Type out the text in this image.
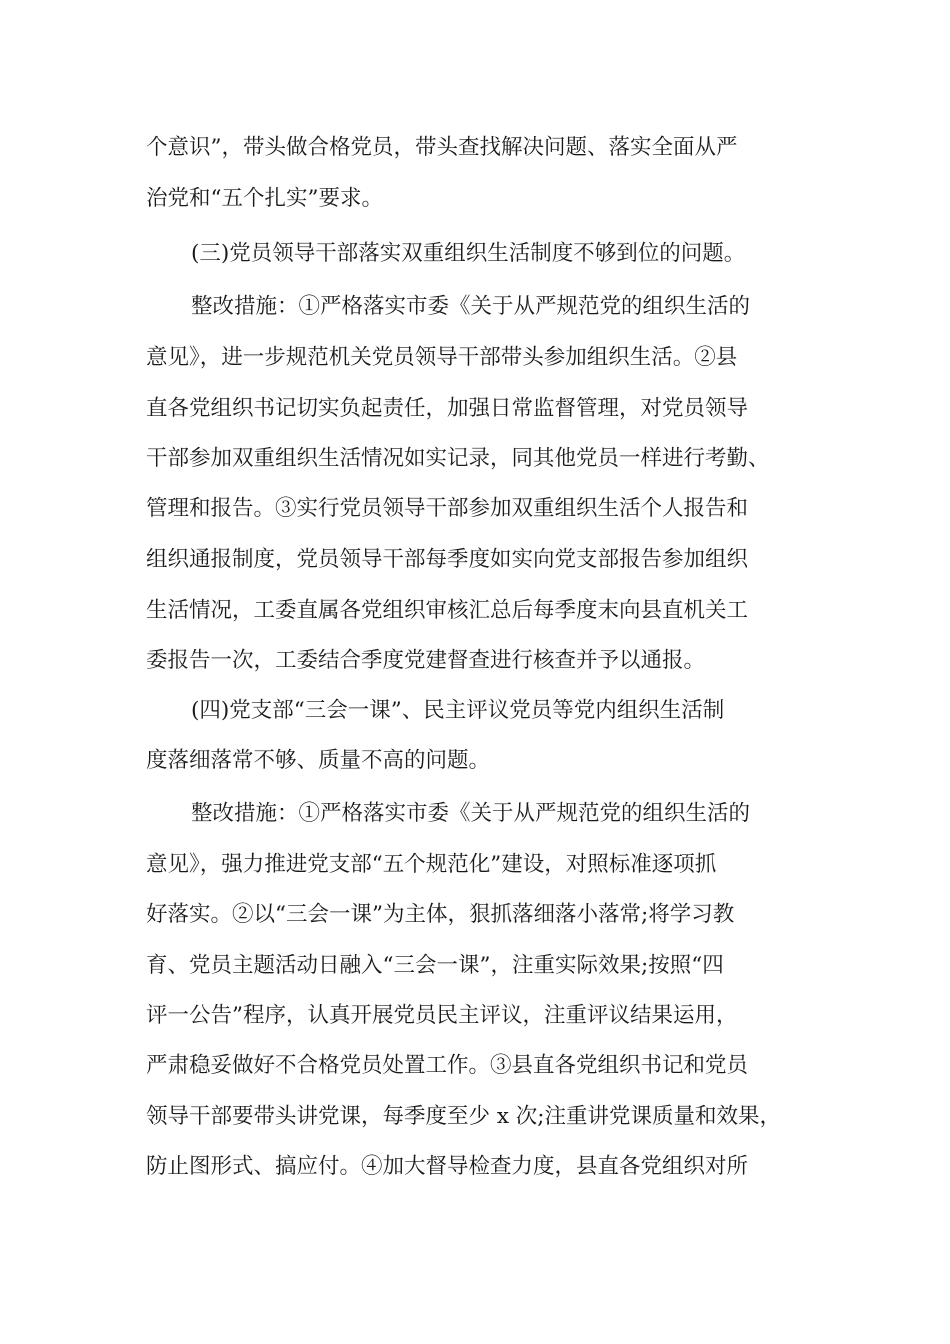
个意识”，带头做合格党员，带头查找解决问题、落实全面从严

治党和“五个扎实”要求。

(三)党员领导干部落实双重组织生活制度不够到位的问题。

整改措施：①严格落实市委《关于从严规范党的组织生活的

意见》，进一步规范机关党员领导干部带头参加组织生活。②县

直各党组织书记切实负起责任，加强日常监督管理，对党员领导

干部参加双重组织生活情况如实记录，同其他党员一样进行考勤、

管理和报告。③实行党员领导干部参加双重组织生活个人报告和

组织通报制度，党员领导干部每季度如实向党支部报告参加组织

生活情况，工委直属各党组织审核汇总后每季度末向县直机关工

委报告一次，工委结合季度党建督查进行核查并予以通报。

(四)党支部“三会一课”、民主评议党员等党内组织生活制

度落细落常不够、质量不高的问题。

整改措施：①严格落实市委《关于从严规范党的组织生活的

意见》，强力推进党支部“五个规范化”建设，对照标准逐项抓

好落实。②以“三会一课”为主体，狠抓落细落小落常;将学习教

育、党员主题活动日融入“三会一课”，注重实际效果;按照“四

评一公告”程序，认真开展党员民主评议，注重评议结果运用，

严肃稳妥做好不合格党员处置工作。③县直各党组织书记和党员

领导干部要带头讲党课，每季度至少 x 次;注重讲党课质量和效果，

防止图形式、搞应付。④加大督导检查力度，县直各党组织对所
